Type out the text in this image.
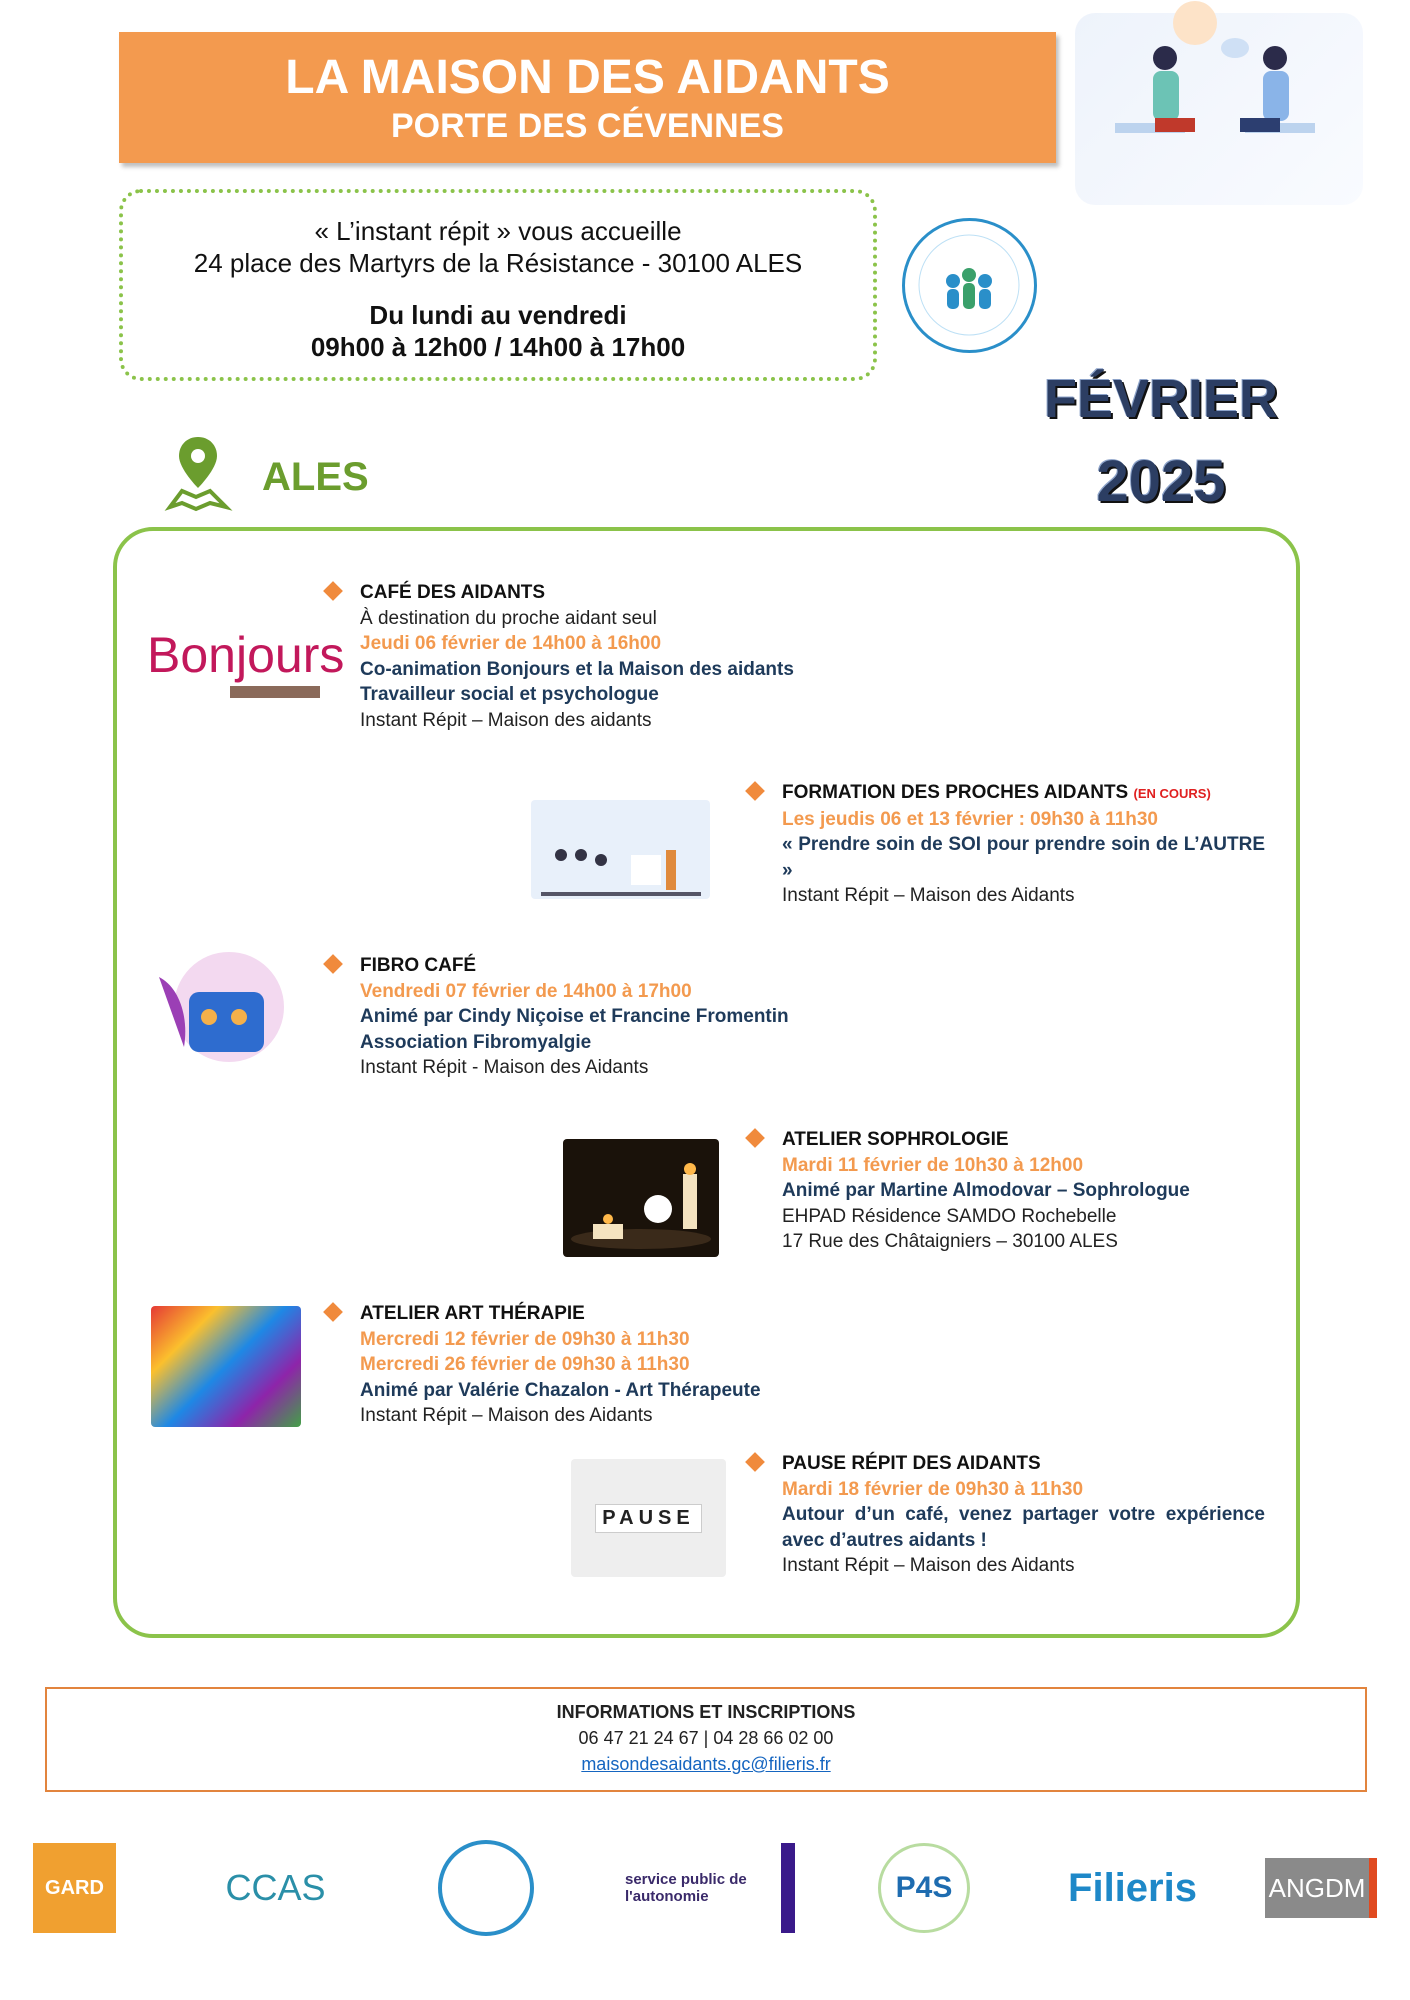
LA MAISON DES AIDANTS
PORTE DES CÉVENNES
« L’instant répit » vous accueille
24 place des Martyrs de la Résistance - 30100 ALES
Du lundi au vendredi
09h00 à 12h00 / 14h00 à 17h00
FÉVRIER
2025
ALES
Bonjours
PAUSE
CAFÉ DES AIDANTS
À destination du proche aidant seul
Jeudi 06 février de 14h00 à 16h00
Co-animation Bonjours et la Maison des aidants
Travailleur social et psychologue
Instant Répit – Maison des aidants
FORMATION DES PROCHES AIDANTS (EN COURS)
Les jeudis 06 et 13 février : 09h30 à 11h30
« Prendre soin de SOI pour prendre soin de L’AUTRE »
Instant Répit – Maison des Aidants
FIBRO CAFÉ
Vendredi 07 février de 14h00 à 17h00
Animé par Cindy Niçoise et Francine Fromentin
Association Fibromyalgie
Instant Répit - Maison des Aidants
ATELIER SOPHROLOGIE
Mardi 11 février de 10h30 à 12h00
Animé par Martine Almodovar – Sophrologue
EHPAD Résidence SAMDO Rochebelle
17 Rue des Châtaigniers – 30100 ALES
ATELIER ART THÉRAPIE
Mercredi 12 février de 09h30 à 11h30
Mercredi 26 février de 09h30 à 11h30
Animé par Valérie Chazalon - Art Thérapeute
Instant Répit – Maison des Aidants
PAUSE RÉPIT DES AIDANTS
Mardi 18 février de 09h30 à 11h30
Autour d’un café, venez partager votre expérience avec d’autres aidants !
Instant Répit – Maison des Aidants
INFORMATIONS ET INSCRIPTIONS
06 47 21 24 67 | 04 28 66 02 00
maisondesaidants.gc@filieris.fr
GARD	CCAS	service public de l'autonomie	P4S	Filieris	ANGDM
